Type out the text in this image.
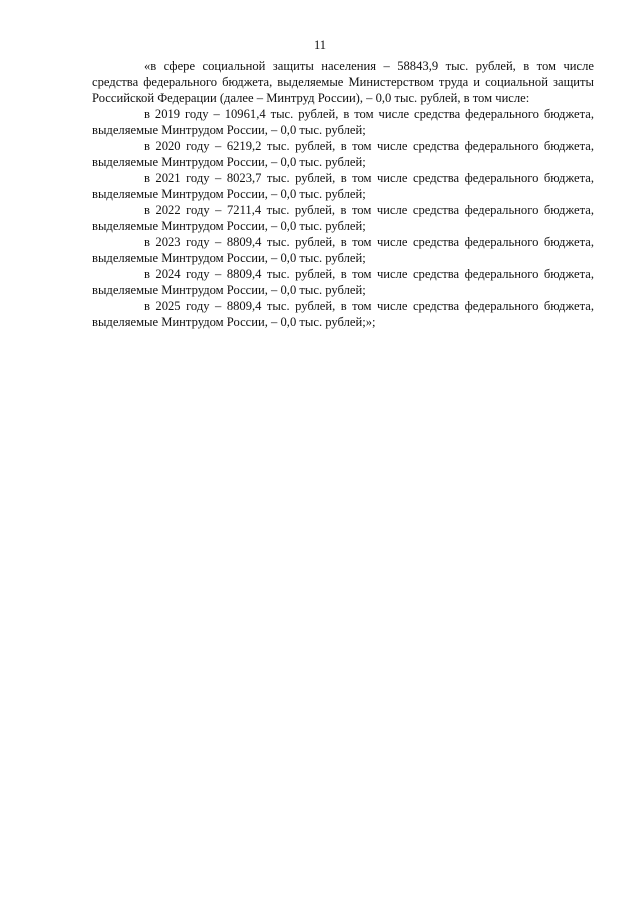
11

«в сфере социальной защиты населения – 58843,9 тыс. рублей, в том числе средства федерального бюджета, выделяемые Министерством труда и социальной защиты Российской Федерации (далее – Минтруд России), – 0,0 тыс. рублей, в том числе:

в 2019 году – 10961,4 тыс. рублей, в том числе средства федерального бюджета, выделяемые Минтрудом России, – 0,0 тыс. рублей;

в 2020 году – 6219,2 тыс. рублей, в том числе средства федерального бюджета, выделяемые Минтрудом России, – 0,0 тыс. рублей;

в 2021 году – 8023,7 тыс. рублей, в том числе средства федерального бюджета, выделяемые Минтрудом России, – 0,0 тыс. рублей;

в 2022 году – 7211,4 тыс. рублей, в том числе средства федерального бюджета, выделяемые Минтрудом России, – 0,0 тыс. рублей;

в 2023 году – 8809,4 тыс. рублей, в том числе средства федерального бюджета, выделяемые Минтрудом России, – 0,0 тыс. рублей;

в 2024 году – 8809,4 тыс. рублей, в том числе средства федерального бюджета, выделяемые Минтрудом России, – 0,0 тыс. рублей;

в 2025 году – 8809,4 тыс. рублей, в том числе средства федерального бюджета, выделяемые Минтрудом России, – 0,0 тыс. рублей;»;
